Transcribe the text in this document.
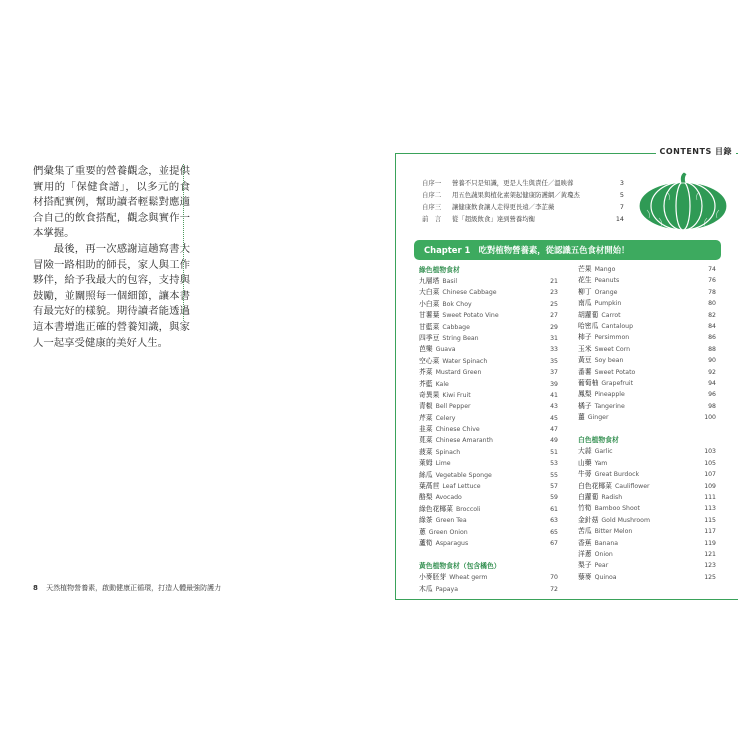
們彙集了重要的營養觀念，並提供實用的「保健食譜」，以多元的食材搭配實例，幫助讀者輕鬆對應適合自己的飲食搭配，觀念與實作一本掌握。

最後，再一次感謝這趟寫書大冒險一路相助的師長，家人與工作夥伴，給予我最大的包容，支持與鼓勵，並關照每一個細節，讓本書有最完好的樣貌。期待讀者能透過這本書增進正確的營養知識，與家人一起享受健康的美好人生。

8 天然植物營養素，啟動健康正循環，打造人體最強防護力
CONTENTS 目錄
自序一 營養不只是知識，更是人生與責任／溫映蓉	3
自序二 用五色蔬果與植化素架起健康防護網／黃瓊杰	5
自序三 讓健康飲食讓人走得更長遠／李芷薇	7
前　言 從「超級飲食」達到營養均衡	14
Chapter 1　吃對植物營養素，從認識五色食材開始！
綠色植物食材
九層塔 Basil	21
大白菜 Chinese Cabbage	23
小白菜 Bok Choy	25
甘薯葉 Sweet Potato Vine	27
甘藍菜 Cabbage	29
四季豆 String Bean	31
芭樂 Guava	33
空心菜 Water Spinach	35
芥菜 Mustard Green	37
芥藍 Kale	39
奇異果 Kiwi Fruit	41
青椒 Bell Pepper	43
芹菜 Celery	45
韭菜 Chinese Chive	47
莧菜 Chinese Amaranth	49
菠菜 Spinach	51
萊姆 Lime	53
絲瓜 Vegetable Sponge	55
葉萵苣 Leaf Lettuce	57
酪梨 Avocado	59
綠色花椰菜 Broccoli	61
綠茶 Green Tea	63
蔥 Green Onion	65
蘆筍 Asparagus	67
黃色植物食材（包含橘色）
小麥胚芽 Wheat germ	70
木瓜 Papaya	72
芒果 Mango	74
花生 Peanuts	76
柳丁 Orange	78
南瓜 Pumpkin	80
胡蘿蔔 Carrot	82
哈密瓜 Cantaloup	84
柿子 Persimmon	86
玉米 Sweet Corn	88
黃豆 Soy bean	90
番薯 Sweet Potato	92
葡萄柚 Grapefruit	94
鳳梨 Pineapple	96
橘子 Tangerine	98
薑 Ginger	100
白色植物食材
大蒜 Garlic	103
山藥 Yam	105
牛蒡 Great Burdock	107
白色花椰菜 Cauliflower	109
白蘿蔔 Radish	111
竹筍 Bamboo Shoot	113
金針菇 Gold Mushroom	115
苦瓜 Bitter Melon	117
香蕉 Banana	119
洋蔥 Onion	121
梨子 Pear	123
藜麥 Quinoa	125
